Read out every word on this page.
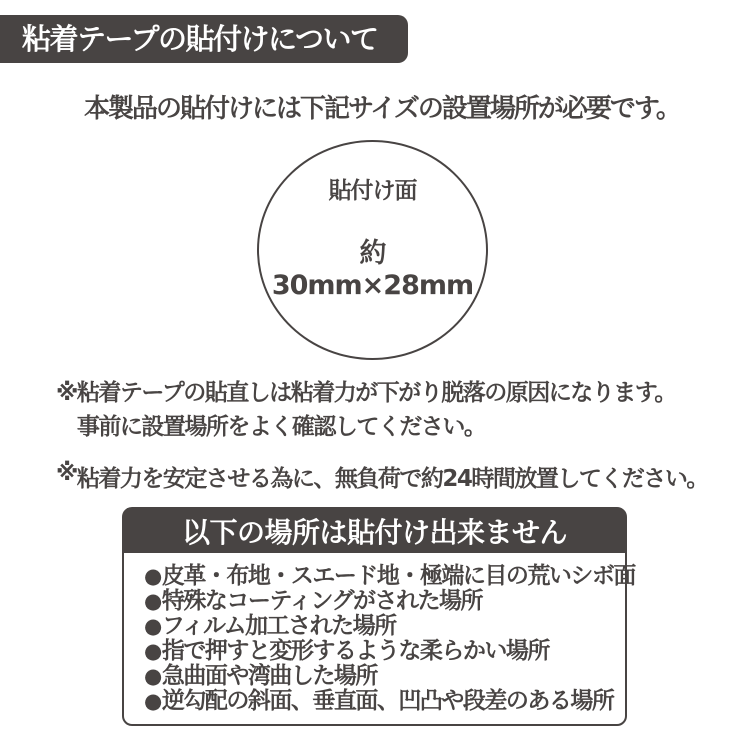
粘着テープの貼付けについて
本製品の貼付けには下記サイズの設置場所が必要です。
貼付け面
約30mm×28mm
※ 粘着テープの貼直しは粘着力が下がり脱落の原因になります。
事前に設置場所をよく確認してください。
※ 粘着力を安定させる為に、無負荷で約24時間放置してください。
以下の場所は貼付け出来ません
●皮革・布地・スエード地・極端に目の荒いシボ面
●特殊なコーティングがされた場所
●フィルム加工された場所
●指で押すと変形するような柔らかい場所
●急曲面や湾曲した場所
●逆勾配の斜面、垂直面、凹凸や段差のある場所
